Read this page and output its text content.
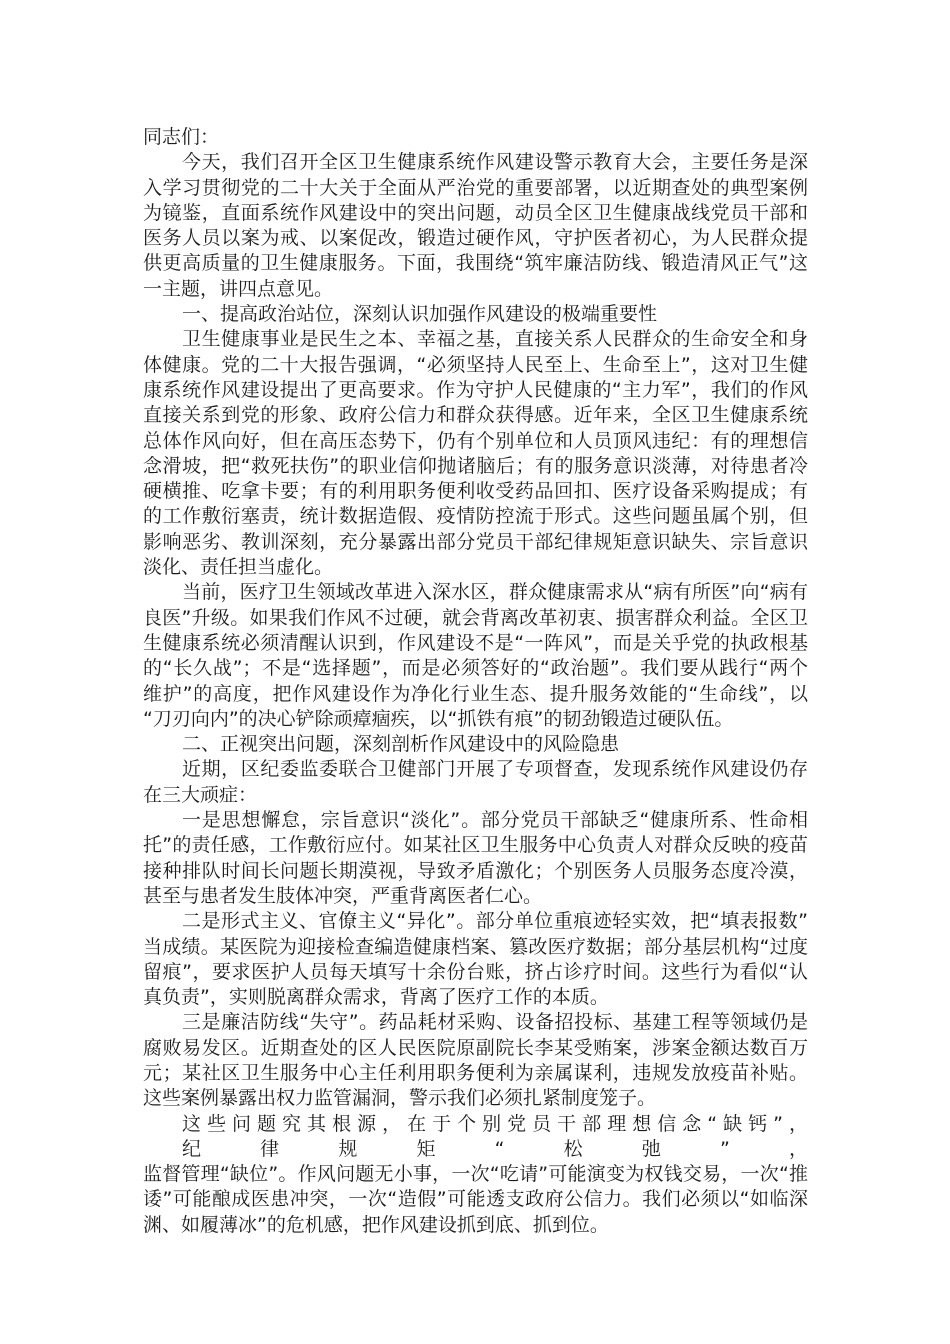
同志们：
今天，我们召开全区卫生健康系统作风建设警示教育大会，主要任务是深
入学习贯彻党的二十大关于全面从严治党的重要部署，以近期查处的典型案例
为镜鉴，直面系统作风建设中的突出问题，动员全区卫生健康战线党员干部和
医务人员以案为戒、以案促改，锻造过硬作风，守护医者初心，为人民群众提
供更高质量的卫生健康服务。下面，我围绕“筑牢廉洁防线、锻造清风正气”这
一主题，讲四点意见。
一、提高政治站位，深刻认识加强作风建设的极端重要性
卫生健康事业是民生之本、幸福之基，直接关系人民群众的生命安全和身
体健康。党的二十大报告强调，“必须坚持人民至上、生命至上”，这对卫生健
康系统作风建设提出了更高要求。作为守护人民健康的“主力军”，我们的作风
直接关系到党的形象、政府公信力和群众获得感。近年来，全区卫生健康系统
总体作风向好，但在高压态势下，仍有个别单位和人员顶风违纪：有的理想信
念滑坡，把“救死扶伤”的职业信仰抛诸脑后；有的服务意识淡薄，对待患者冷
硬横推、吃拿卡要；有的利用职务便利收受药品回扣、医疗设备采购提成；有
的工作敷衍塞责，统计数据造假、疫情防控流于形式。这些问题虽属个别，但
影响恶劣、教训深刻，充分暴露出部分党员干部纪律规矩意识缺失、宗旨意识
淡化、责任担当虚化。
当前，医疗卫生领域改革进入深水区，群众健康需求从“病有所医”向“病有
良医”升级。如果我们作风不过硬，就会背离改革初衷、损害群众利益。全区卫
生健康系统必须清醒认识到，作风建设不是“一阵风”，而是关乎党的执政根基
的“长久战”；不是“选择题”，而是必须答好的“政治题”。我们要从践行“两个
维护”的高度，把作风建设作为净化行业生态、提升服务效能的“生命线”，以
“刀刃向内”的决心铲除顽瘴痼疾，以“抓铁有痕”的韧劲锻造过硬队伍。
二、正视突出问题，深刻剖析作风建设中的风险隐患
近期，区纪委监委联合卫健部门开展了专项督查，发现系统作风建设仍存
在三大顽症：
一是思想懈怠，宗旨意识“淡化”。部分党员干部缺乏“健康所系、性命相
托”的责任感，工作敷衍应付。如某社区卫生服务中心负责人对群众反映的疫苗
接种排队时间长问题长期漠视，导致矛盾激化；个别医务人员服务态度冷漠，
甚至与患者发生肢体冲突，严重背离医者仁心。
二是形式主义、官僚主义“异化”。部分单位重痕迹轻实效，把“填表报数”
当成绩。某医院为迎接检查编造健康档案、篡改医疗数据；部分基层机构“过度
留痕”，要求医护人员每天填写十余份台账，挤占诊疗时间。这些行为看似“认
真负责”，实则脱离群众需求，背离了医疗工作的本质。
三是廉洁防线“失守”。药品耗材采购、设备招投标、基建工程等领域仍是
腐败易发区。近期查处的区人民医院原副院长李某受贿案，涉案金额达数百万
元；某社区卫生服务中心主任利用职务便利为亲属谋利，违规发放疫苗补贴。
这些案例暴露出权力监管漏洞，警示我们必须扎紧制度笼子。
这些问题究其根源，在于个别党员干部理想信念“缺钙”，纪律规矩“松弛”，
监督管理“缺位”。作风问题无小事，一次“吃请”可能演变为权钱交易，一次“推
诿”可能酿成医患冲突，一次“造假”可能透支政府公信力。我们必须以“如临深
渊、如履薄冰”的危机感，把作风建设抓到底、抓到位。
